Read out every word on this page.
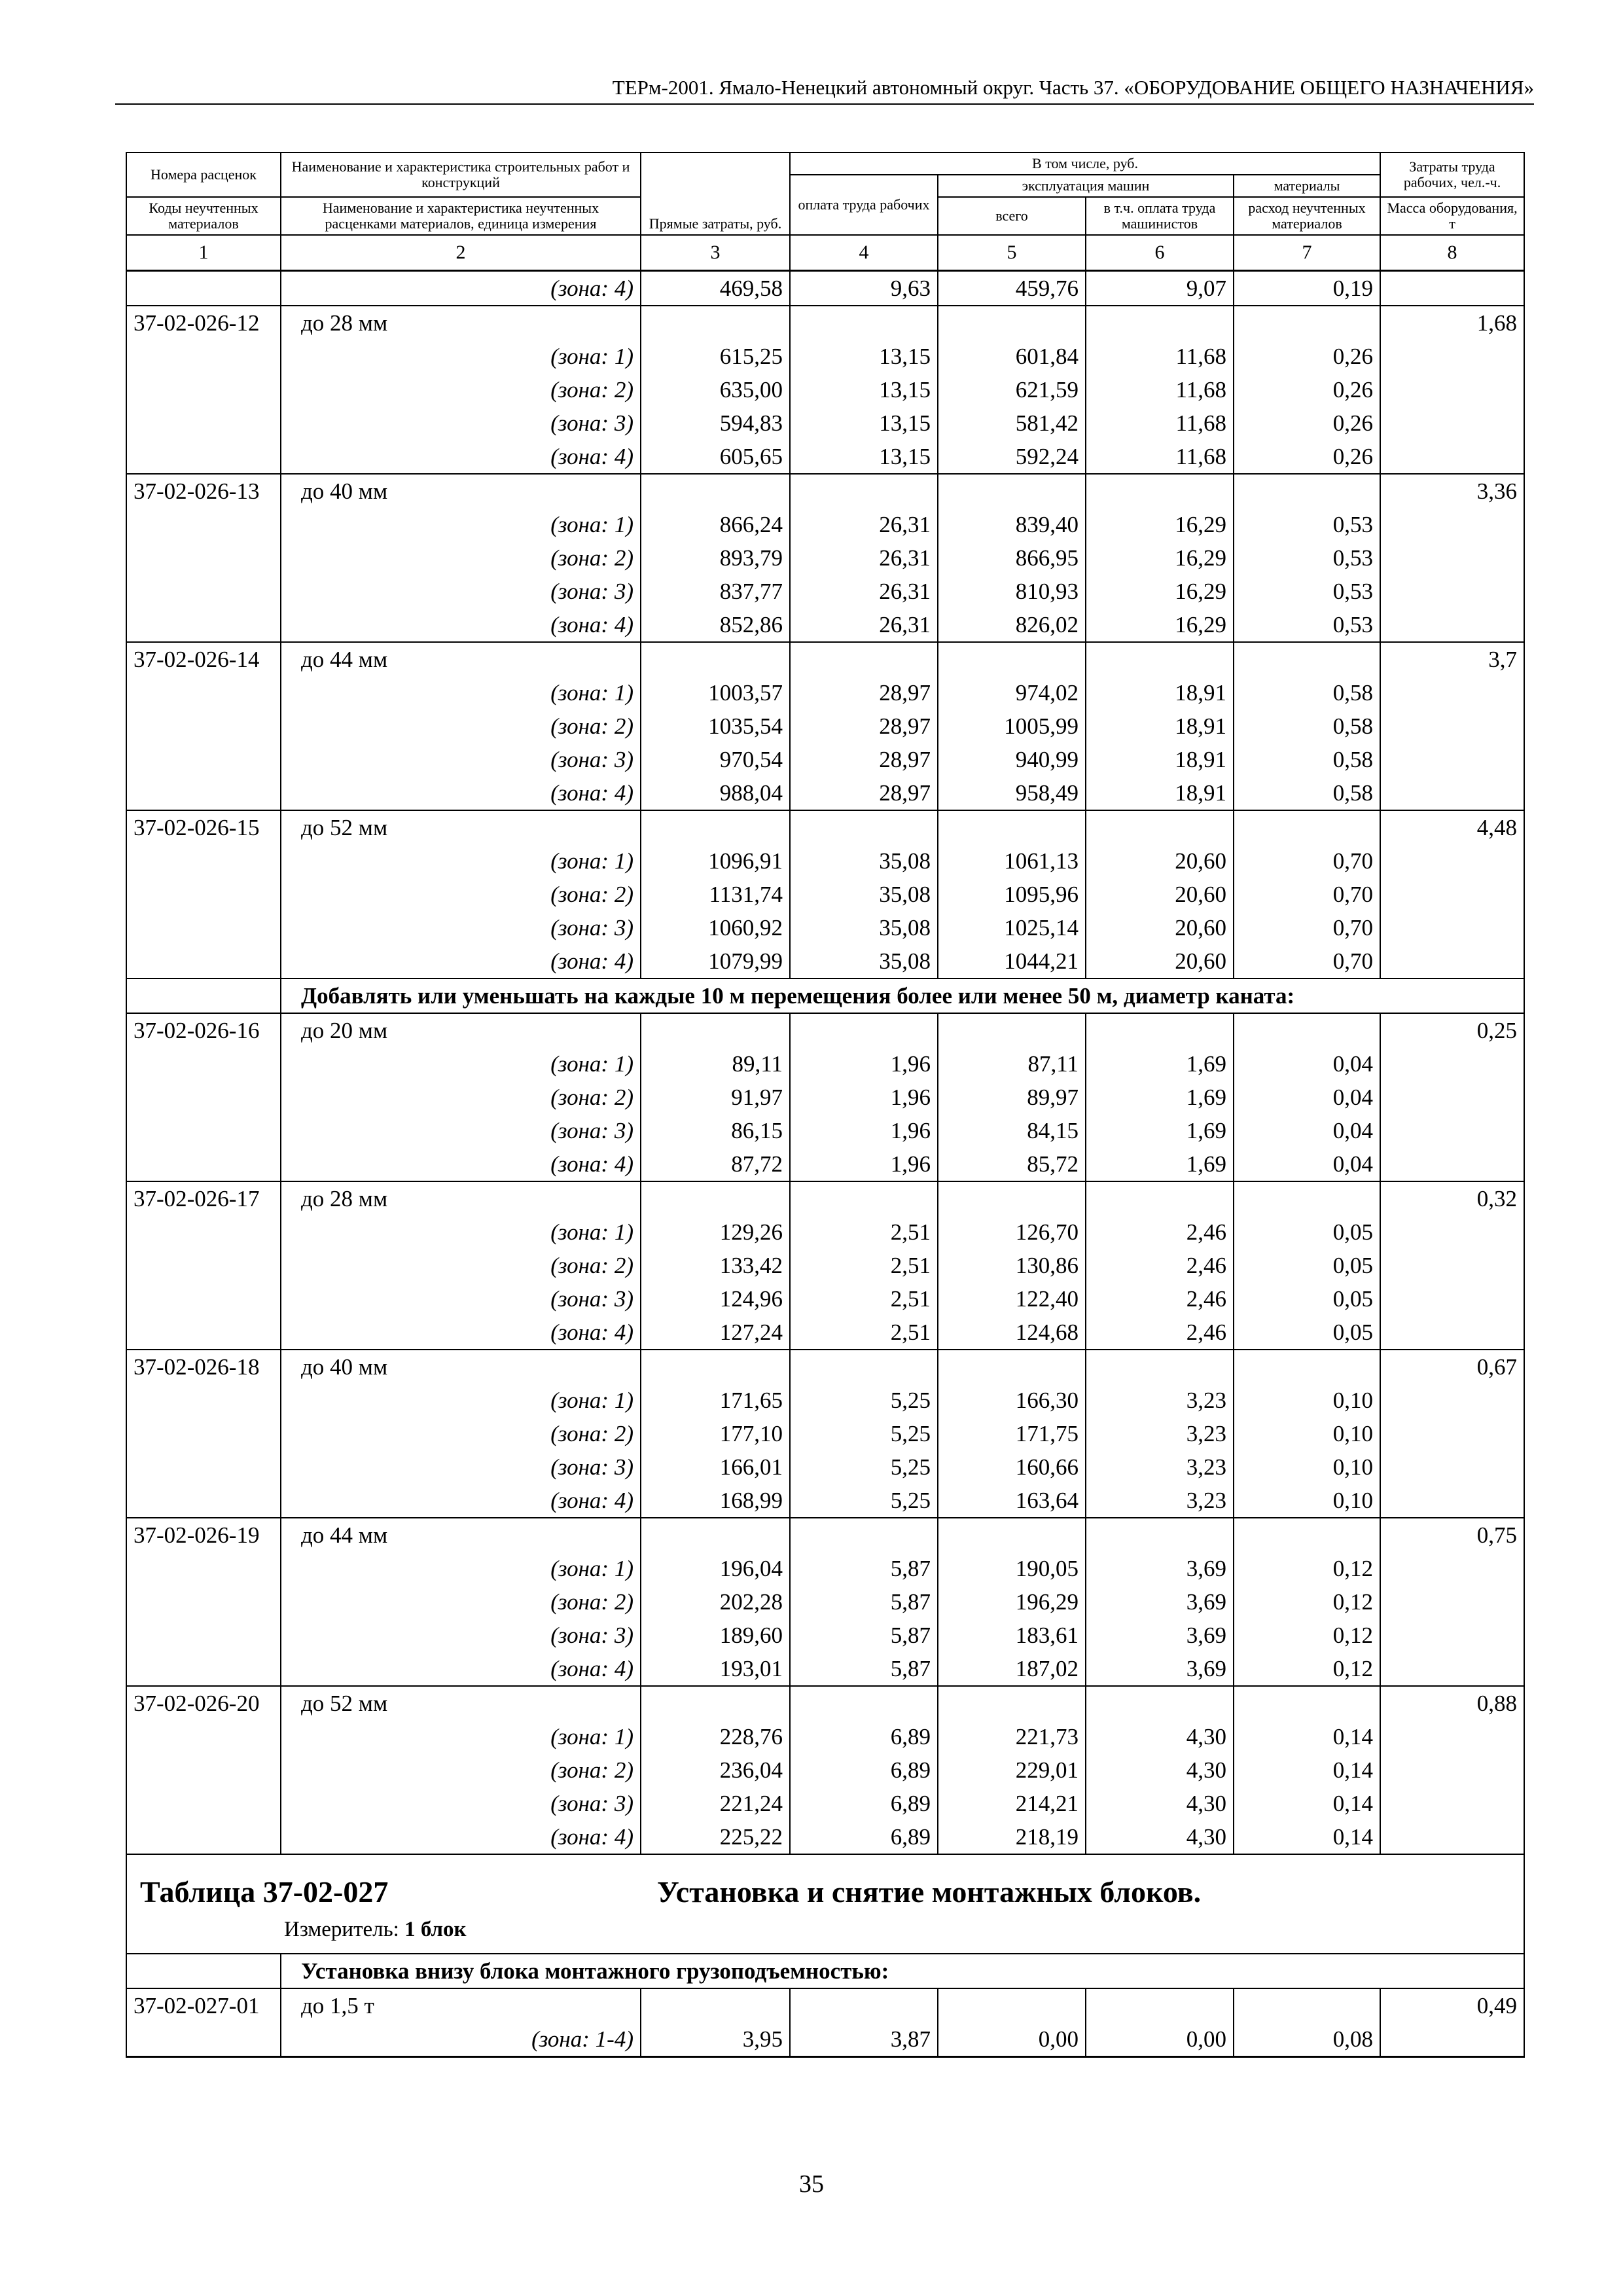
ТЕРм-2001. Ямало-Ненецкий автономный округ. Часть 37. «ОБОРУДОВАНИЕ ОБЩЕГО НАЗНАЧЕНИЯ»
Номера расценок	Наименование и характеристика строительных работ и конструкций	Прямые затраты, руб.	В том числе, руб.				Затраты труда рабочих, чел.-ч.
			оплата труда рабочих	эксплуатация машин		материалы	
				всего	в т.ч. оплата труда машинистов	расход неучтенных материалов	
Коды неучтенных материалов	Наименование и характеристика неучтенных расценками материалов, единица измерения						Масса оборудования, т
1	2	3	4	5	6	7	8
	(зона: 4)	469,58	9,63	459,76	9,07	0,19	
37-02-026-12	до 28 мм						1,68
	(зона: 1)	615,25	13,15	601,84	11,68	0,26	
	(зона: 2)	635,00	13,15	621,59	11,68	0,26	
	(зона: 3)	594,83	13,15	581,42	11,68	0,26	
	(зона: 4)	605,65	13,15	592,24	11,68	0,26	
37-02-026-13	до 40 мм						3,36
	(зона: 1)	866,24	26,31	839,40	16,29	0,53	
	(зона: 2)	893,79	26,31	866,95	16,29	0,53	
	(зона: 3)	837,77	26,31	810,93	16,29	0,53	
	(зона: 4)	852,86	26,31	826,02	16,29	0,53	
37-02-026-14	до 44 мм						3,7
	(зона: 1)	1003,57	28,97	974,02	18,91	0,58	
	(зона: 2)	1035,54	28,97	1005,99	18,91	0,58	
	(зона: 3)	970,54	28,97	940,99	18,91	0,58	
	(зона: 4)	988,04	28,97	958,49	18,91	0,58	
37-02-026-15	до 52 мм						4,48
	(зона: 1)	1096,91	35,08	1061,13	20,60	0,70	
	(зона: 2)	1131,74	35,08	1095,96	20,60	0,70	
	(зона: 3)	1060,92	35,08	1025,14	20,60	0,70	
	(зона: 4)	1079,99	35,08	1044,21	20,60	0,70	
	Добавлять или уменьшать на каждые 10 м перемещения более или менее 50 м, диаметр каната:						
37-02-026-16	до 20 мм						0,25
	(зона: 1)	89,11	1,96	87,11	1,69	0,04	
	(зона: 2)	91,97	1,96	89,97	1,69	0,04	
	(зона: 3)	86,15	1,96	84,15	1,69	0,04	
	(зона: 4)	87,72	1,96	85,72	1,69	0,04	
37-02-026-17	до 28 мм						0,32
	(зона: 1)	129,26	2,51	126,70	2,46	0,05	
	(зона: 2)	133,42	2,51	130,86	2,46	0,05	
	(зона: 3)	124,96	2,51	122,40	2,46	0,05	
	(зона: 4)	127,24	2,51	124,68	2,46	0,05	
37-02-026-18	до 40 мм						0,67
	(зона: 1)	171,65	5,25	166,30	3,23	0,10	
	(зона: 2)	177,10	5,25	171,75	3,23	0,10	
	(зона: 3)	166,01	5,25	160,66	3,23	0,10	
	(зона: 4)	168,99	5,25	163,64	3,23	0,10	
37-02-026-19	до 44 мм						0,75
	(зона: 1)	196,04	5,87	190,05	3,69	0,12	
	(зона: 2)	202,28	5,87	196,29	3,69	0,12	
	(зона: 3)	189,60	5,87	183,61	3,69	0,12	
	(зона: 4)	193,01	5,87	187,02	3,69	0,12	
37-02-026-20	до 52 мм						0,88
	(зона: 1)	228,76	6,89	221,73	4,30	0,14	
	(зона: 2)	236,04	6,89	229,01	4,30	0,14	
	(зона: 3)	221,24	6,89	214,21	4,30	0,14	
	(зона: 4)	225,22	6,89	218,19	4,30	0,14	

Таблица 37-02-027 Установка и снятие монтажных блоков.
Измеритель: 1 блок							

	Установка внизу блока монтажного грузоподъемностью:						
37-02-027-01	до 1,5 т						0,49
	(зона: 1-4)	3,95	3,87	0,00	0,00	0,08	
35
